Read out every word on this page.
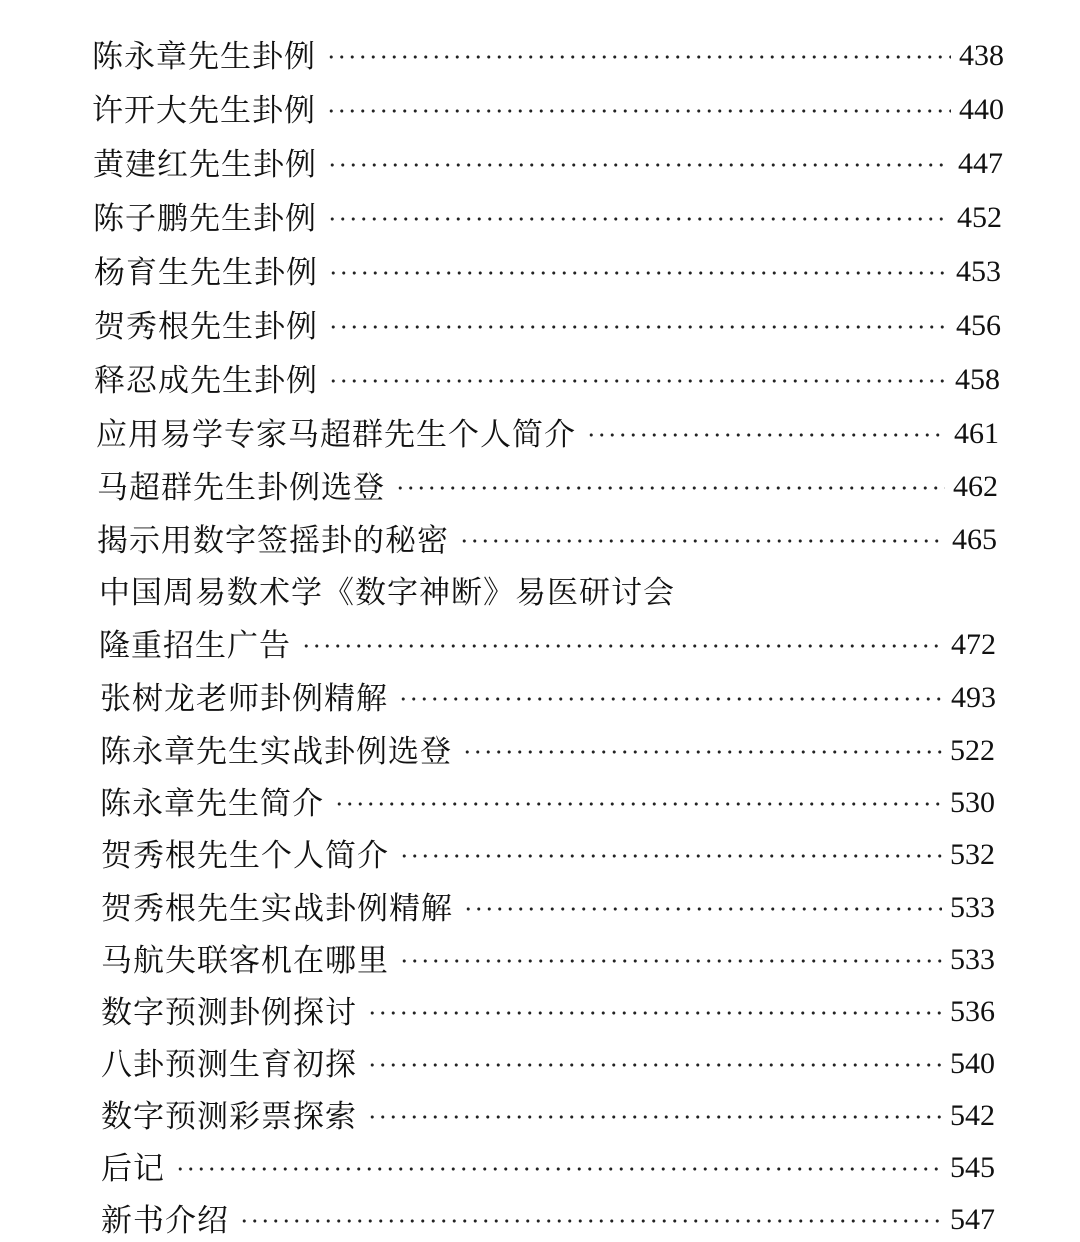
陈永章先生卦例	438
许开大先生卦例	440
黄建红先生卦例	447
陈子鹏先生卦例	452
杨育生先生卦例	453
贺秀根先生卦例	456
释忍成先生卦例	458
应用易学专家马超群先生个人简介	461
马超群先生卦例选登	462
揭示用数字签摇卦的秘密	465
中国周易数术学《数字神断》易医研讨会
隆重招生广告	472
张树龙老师卦例精解	493
陈永章先生实战卦例选登	522
陈永章先生简介	530
贺秀根先生个人简介	532
贺秀根先生实战卦例精解	533
马航失联客机在哪里	533
数字预测卦例探讨	536
八卦预测生育初探	540
数字预测彩票探索	542
后记	545
新书介绍	547
